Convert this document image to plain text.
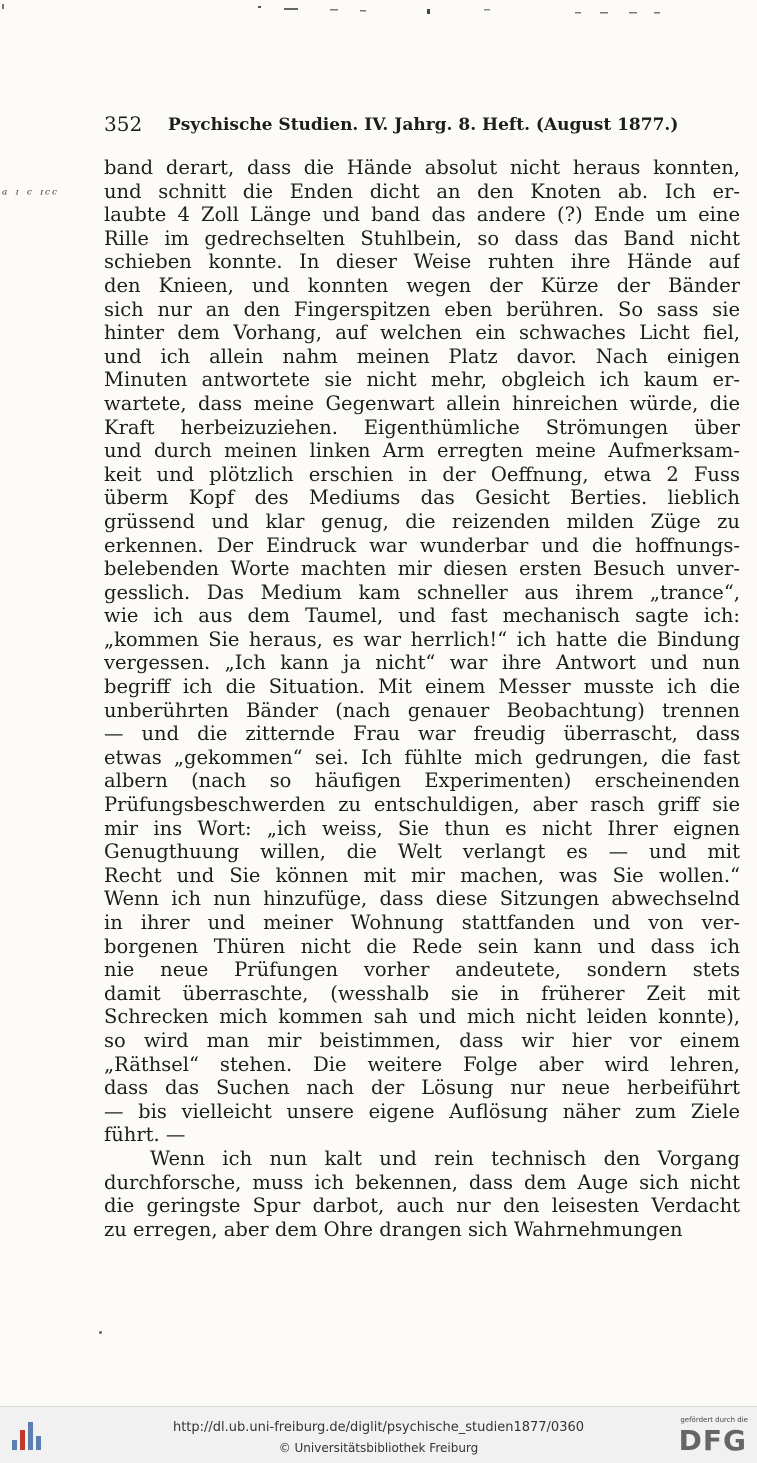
ᵃ ᶦ ᶜ ᶦᶜᶜ
352 Psychische Studien. IV. Jahrg. 8. Heft. (August 1877.)
band derart, dass die Hände absolut nicht heraus konnten,
und schnitt die Enden dicht an den Knoten ab. Ich er-
laubte 4 Zoll Länge und band das andere (?) Ende um eine
Rille im gedrechselten Stuhlbein, so dass das Band nicht
schieben konnte. In dieser Weise ruhten ihre Hände auf
den Knieen, und konnten wegen der Kürze der Bänder
sich nur an den Fingerspitzen eben berühren. So sass sie
hinter dem Vorhang, auf welchen ein schwaches Licht fiel,
und ich allein nahm meinen Platz davor. Nach einigen
Minuten antwortete sie nicht mehr, obgleich ich kaum er-
wartete, dass meine Gegenwart allein hinreichen würde, die
Kraft herbeizuziehen. Eigenthümliche Strömungen über
und durch meinen linken Arm erregten meine Aufmerksam-
keit und plötzlich erschien in der Oeffnung, etwa 2 Fuss
überm Kopf des Mediums das Gesicht Berties. lieblich
grüssend und klar genug, die reizenden milden Züge zu
erkennen. Der Eindruck war wunderbar und die hoffnungs-
belebenden Worte machten mir diesen ersten Besuch unver-
gesslich. Das Medium kam schneller aus ihrem „trance“,
wie ich aus dem Taumel, und fast mechanisch sagte ich:
„kommen Sie heraus, es war herrlich!“ ich hatte die Bindung
vergessen. „Ich kann ja nicht“ war ihre Antwort und nun
begriff ich die Situation. Mit einem Messer musste ich die
unberührten Bänder (nach genauer Beobachtung) trennen
— und die zitternde Frau war freudig überrascht, dass
etwas „gekommen“ sei. Ich fühlte mich gedrungen, die fast
albern (nach so häufigen Experimenten) erscheinenden
Prüfungsbeschwerden zu entschuldigen, aber rasch griff sie
mir ins Wort: „ich weiss, Sie thun es nicht Ihrer eignen
Genugthuung willen, die Welt verlangt es — und mit
Recht und Sie können mit mir machen, was Sie wollen.“
Wenn ich nun hinzufüge, dass diese Sitzungen abwechselnd
in ihrer und meiner Wohnung stattfanden und von ver-
borgenen Thüren nicht die Rede sein kann und dass ich
nie neue Prüfungen vorher andeutete, sondern stets
damit überraschte, (wesshalb sie in früherer Zeit mit
Schrecken mich kommen sah und mich nicht leiden konnte),
so wird man mir beistimmen, dass wir hier vor einem
„Räthsel“ stehen. Die weitere Folge aber wird lehren,
dass das Suchen nach der Lösung nur neue herbeiführt
— bis vielleicht unsere eigene Auflösung näher zum Ziele
führt. —
Wenn ich nun kalt und rein technisch den Vorgang
durchforsche, muss ich bekennen, dass dem Auge sich nicht
die geringste Spur darbot, auch nur den leisesten Verdacht
zu erregen, aber dem Ohre drangen sich Wahrnehmungen
http://dl.ub.uni-freiburg.de/diglit/psychische_studien1877/0360
© Universitätsbibliothek Freiburg
gefördert durch die
DFG
